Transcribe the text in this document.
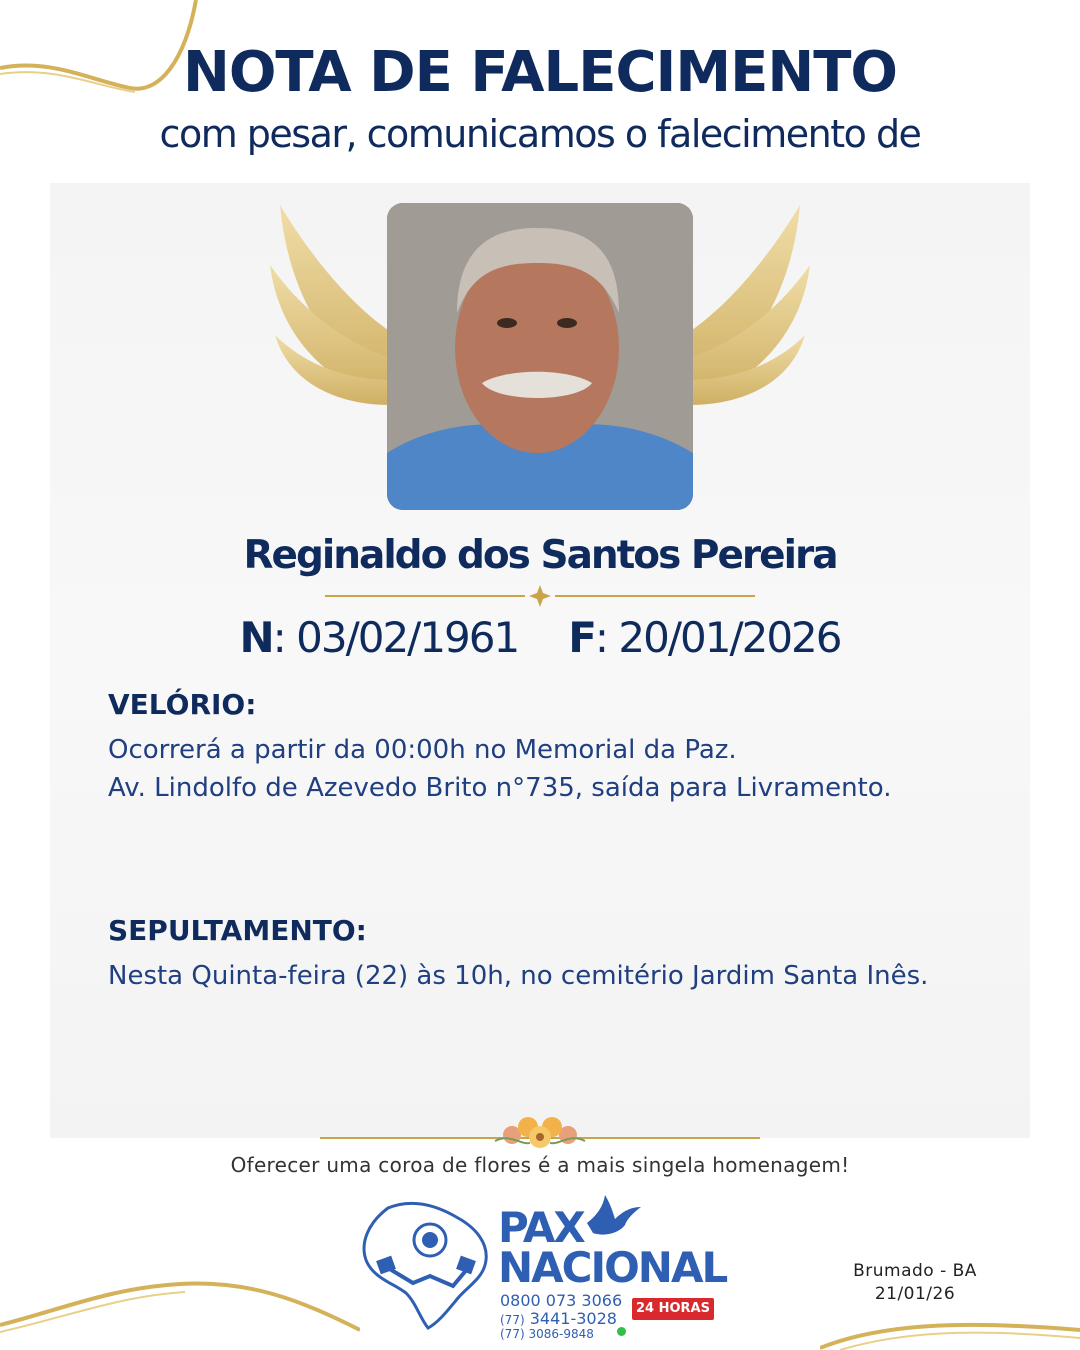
NOTA DE FALECIMENTO
com pesar, comunicamos o falecimento de
Reginaldo dos Santos Pereira
N: 03/02/1961 F: 20/01/2026
VELÓRIO:
Ocorrerá a partir da 00:00h no Memorial da Paz.
Av. Lindolfo de Azevedo Brito n°735, saída para Livramento.
SEPULTAMENTO:
Nesta Quinta-feira (22) às 10h, no cemitério Jardim Santa Inês.
Oferecer uma coroa de flores é a mais singela homenagem!
PAX
NACIONAL
0800 073 3066
(77) 3441-3028
(77) 3086-9848
24 HORAS
Brumado - BA
21/01/26
